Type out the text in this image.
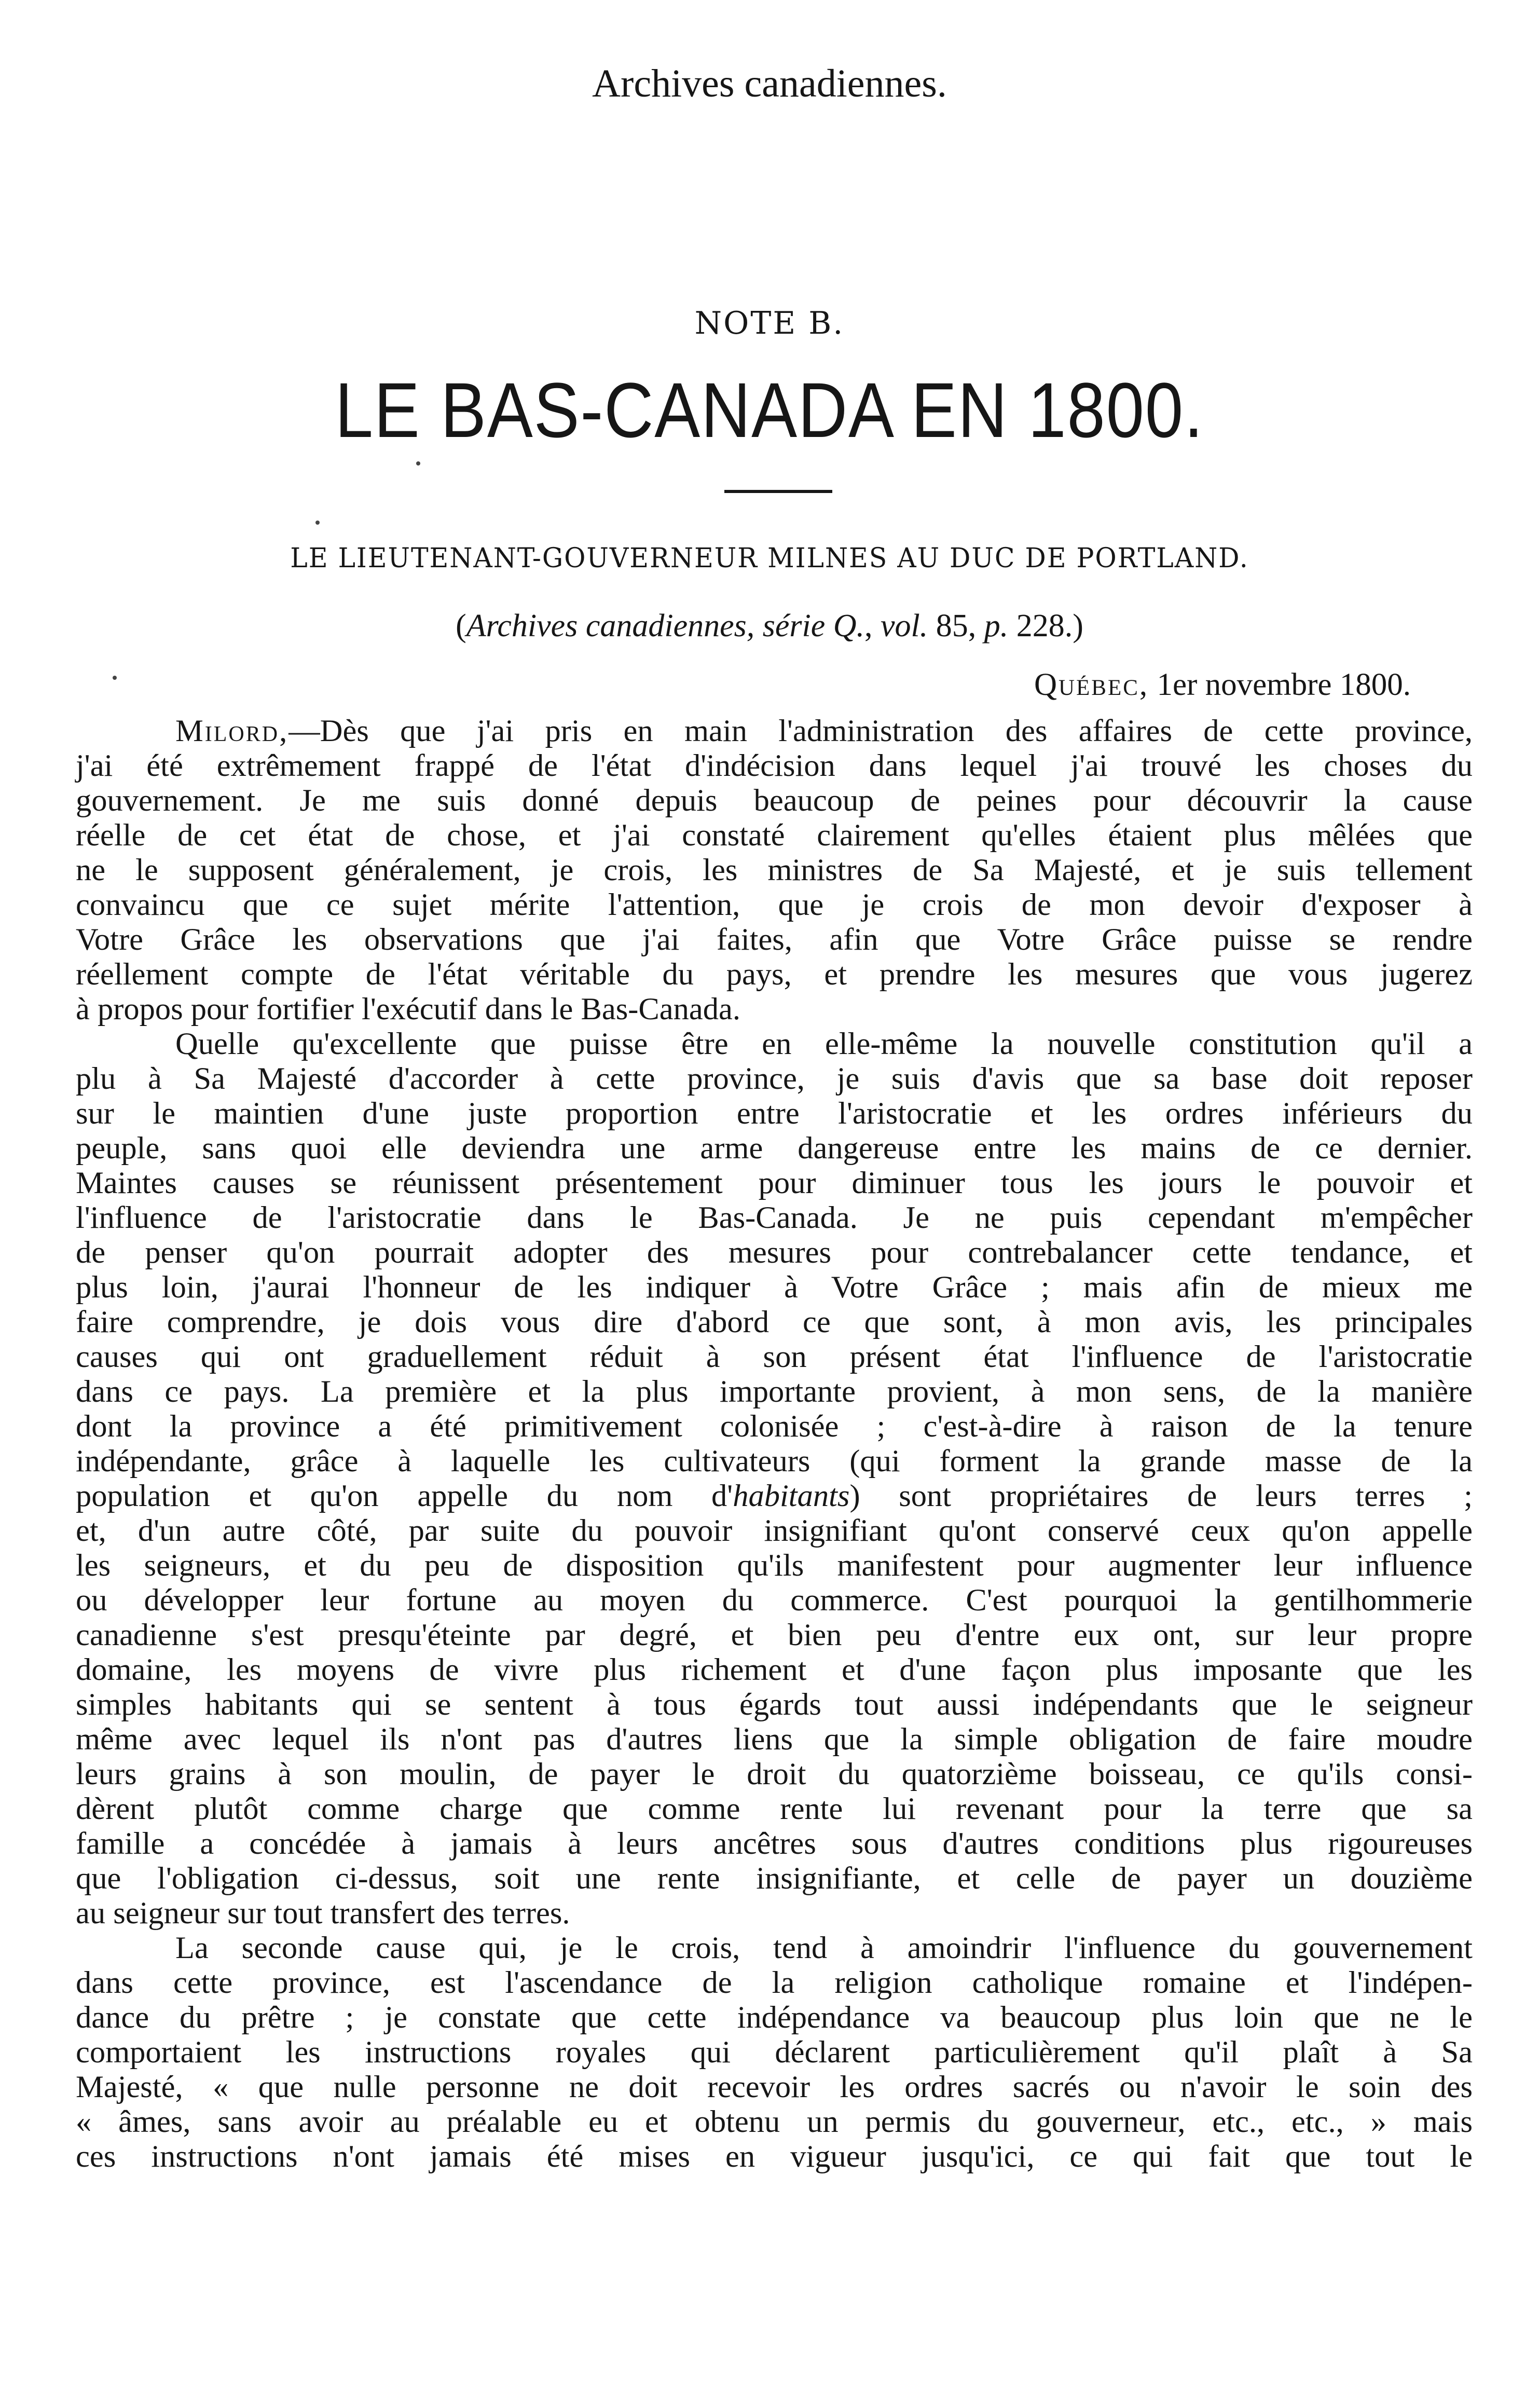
Archives canadiennes.
NOTE B.
LE BAS-CANADA EN 1800.
LE LIEUTENANT-GOUVERNEUR MILNES AU DUC DE PORTLAND.
(Archives canadiennes, série Q., vol. 85, p. 228.)
Québec, 1er novembre 1800.
Milord,—Dès que j'ai pris en main l'administration des affaires de cette province,
j'ai été extrêmement frappé de l'état d'indécision dans lequel j'ai trouvé les choses du
gouvernement. Je me suis donné depuis beaucoup de peines pour découvrir la cause
réelle de cet état de chose, et j'ai constaté clairement qu'elles étaient plus mêlées que
ne le supposent généralement, je crois, les ministres de Sa Majesté, et je suis tellement
convaincu que ce sujet mérite l'attention, que je crois de mon devoir d'exposer à
Votre Grâce les observations que j'ai faites, afin que Votre Grâce puisse se rendre
réellement compte de l'état véritable du pays, et prendre les mesures que vous jugerez
à propos pour fortifier l'exécutif dans le Bas-Canada.
Quelle qu'excellente que puisse être en elle-même la nouvelle constitution qu'il a
plu à Sa Majesté d'accorder à cette province, je suis d'avis que sa base doit reposer
sur le maintien d'une juste proportion entre l'aristocratie et les ordres inférieurs du
peuple, sans quoi elle deviendra une arme dangereuse entre les mains de ce dernier.
Maintes causes se réunissent présentement pour diminuer tous les jours le pouvoir et
l'influence de l'aristocratie dans le Bas-Canada. Je ne puis cependant m'empêcher
de penser qu'on pourrait adopter des mesures pour contrebalancer cette tendance, et
plus loin, j'aurai l'honneur de les indiquer à Votre Grâce ; mais afin de mieux me
faire comprendre, je dois vous dire d'abord ce que sont, à mon avis, les principales
causes qui ont graduellement réduit à son présent état l'influence de l'aristocratie
dans ce pays. La première et la plus importante provient, à mon sens, de la manière
dont la province a été primitivement colonisée ; c'est-à-dire à raison de la tenure
indépendante, grâce à laquelle les cultivateurs (qui forment la grande masse de la
population et qu'on appelle du nom d'habitants) sont propriétaires de leurs terres ;
et, d'un autre côté, par suite du pouvoir insignifiant qu'ont conservé ceux qu'on appelle
les seigneurs, et du peu de disposition qu'ils manifestent pour augmenter leur influence
ou développer leur fortune au moyen du commerce. C'est pourquoi la gentilhommerie
canadienne s'est presqu'éteinte par degré, et bien peu d'entre eux ont, sur leur propre
domaine, les moyens de vivre plus richement et d'une façon plus imposante que les
simples habitants qui se sentent à tous égards tout aussi indépendants que le seigneur
même avec lequel ils n'ont pas d'autres liens que la simple obligation de faire moudre
leurs grains à son moulin, de payer le droit du quatorzième boisseau, ce qu'ils consi-
dèrent plutôt comme charge que comme rente lui revenant pour la terre que sa
famille a concédée à jamais à leurs ancêtres sous d'autres conditions plus rigoureuses
que l'obligation ci-dessus, soit une rente insignifiante, et celle de payer un douzième
au seigneur sur tout transfert des terres.
La seconde cause qui, je le crois, tend à amoindrir l'influence du gouvernement
dans cette province, est l'ascendance de la religion catholique romaine et l'indépen-
dance du prêtre ; je constate que cette indépendance va beaucoup plus loin que ne le
comportaient les instructions royales qui déclarent particulièrement qu'il plaît à Sa
Majesté, « que nulle personne ne doit recevoir les ordres sacrés ou n'avoir le soin des
« âmes, sans avoir au préalable eu et obtenu un permis du gouverneur, etc., etc., » mais
ces instructions n'ont jamais été mises en vigueur jusqu'ici, ce qui fait que tout le
